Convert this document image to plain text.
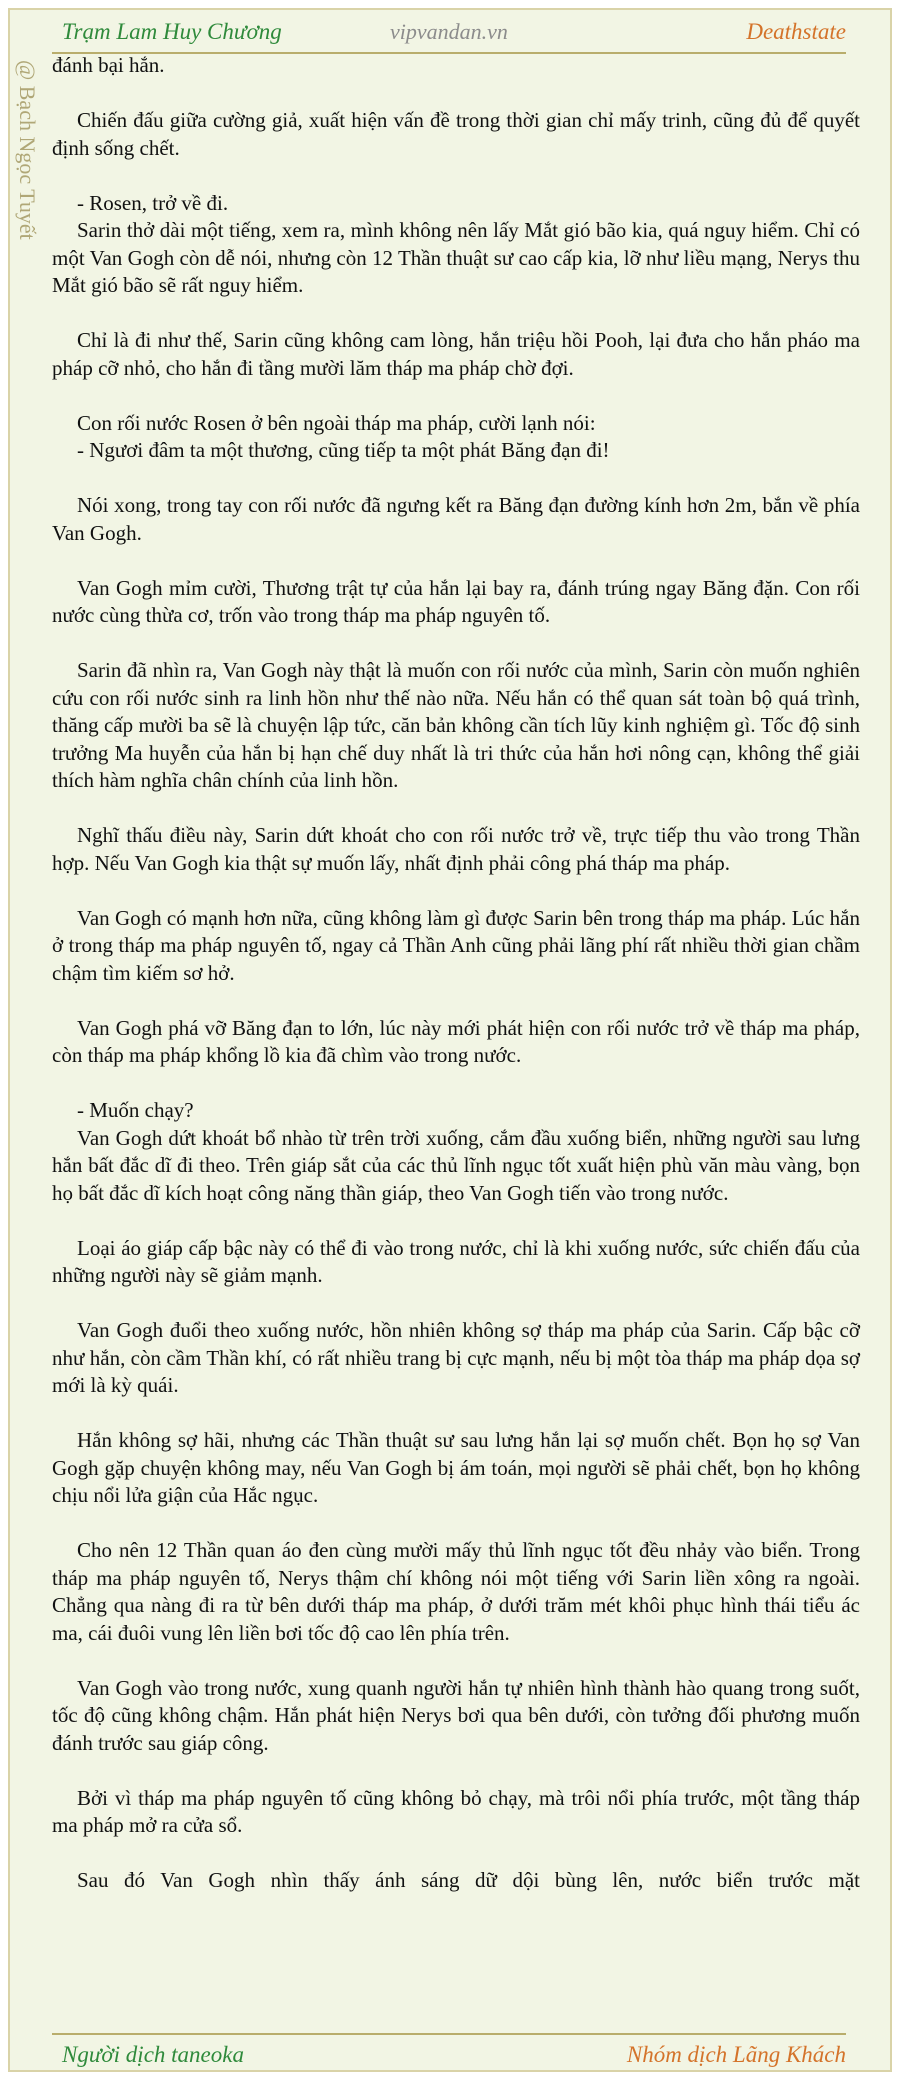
Trạm Lam Huy Chương	vipvandan.vn	Deathstate
@ Bạch Ngọc Tuyết đánh bại hắn.

Chiến đấu giữa cường giả, xuất hiện vấn đề trong thời gian chỉ mấy trinh, cũng đủ để quyết định sống chết.

- Rosen, trở về đi.

Sarin thở dài một tiếng, xem ra, mình không nên lấy Mắt gió bão kia, quá nguy hiểm. Chỉ có một Van Gogh còn dễ nói, nhưng còn 12 Thần thuật sư cao cấp kia, lỡ như liều mạng, Nerys thu Mắt gió bão sẽ rất nguy hiểm.

Chỉ là đi như thế, Sarin cũng không cam lòng, hắn triệu hồi Pooh, lại đưa cho hắn pháo ma pháp cỡ nhỏ, cho hắn đi tầng mười lăm tháp ma pháp chờ đợi.

Con rối nước Rosen ở bên ngoài tháp ma pháp, cười lạnh nói:

- Ngươi đâm ta một thương, cũng tiếp ta một phát Băng đạn đi!

Nói xong, trong tay con rối nước đã ngưng kết ra Băng đạn đường kính hơn 2m, bắn về phía Van Gogh.

Van Gogh mỉm cười, Thương trật tự của hắn lại bay ra, đánh trúng ngay Băng đặn. Con rối nước cùng thừa cơ, trốn vào trong tháp ma pháp nguyên tố.

Sarin đã nhìn ra, Van Gogh này thật là muốn con rối nước của mình, Sarin còn muốn nghiên cứu con rối nước sinh ra linh hồn như thế nào nữa. Nếu hắn có thể quan sát toàn bộ quá trình, thăng cấp mười ba sẽ là chuyện lập tức, căn bản không cần tích lũy kinh nghiệm gì. Tốc độ sinh trưởng Ma huyễn của hắn bị hạn chế duy nhất là tri thức của hắn hơi nông cạn, không thể giải thích hàm nghĩa chân chính của linh hồn.

Nghĩ thấu điều này, Sarin dứt khoát cho con rối nước trở về, trực tiếp thu vào trong Thần hợp. Nếu Van Gogh kia thật sự muốn lấy, nhất định phải công phá tháp ma pháp.

Van Gogh có mạnh hơn nữa, cũng không làm gì được Sarin bên trong tháp ma pháp. Lúc hắn ở trong tháp ma pháp nguyên tố, ngay cả Thần Anh cũng phải lãng phí rất nhiều thời gian chầm chậm tìm kiếm sơ hở.

Van Gogh phá vỡ Băng đạn to lớn, lúc này mới phát hiện con rối nước trở về tháp ma pháp, còn tháp ma pháp khổng lồ kia đã chìm vào trong nước.

- Muốn chạy?

Van Gogh dứt khoát bổ nhào từ trên trời xuống, cắm đầu xuống biển, những người sau lưng hắn bất đắc dĩ đi theo. Trên giáp sắt của các thủ lĩnh ngục tốt xuất hiện phù văn màu vàng, bọn họ bất đắc dĩ kích hoạt công năng thần giáp, theo Van Gogh tiến vào trong nước.

Loại áo giáp cấp bậc này có thể đi vào trong nước, chỉ là khi xuống nước, sức chiến đấu của những người này sẽ giảm mạnh.

Van Gogh đuổi theo xuống nước, hồn nhiên không sợ tháp ma pháp của Sarin. Cấp bậc cỡ như hắn, còn cầm Thần khí, có rất nhiều trang bị cực mạnh, nếu bị một tòa tháp ma pháp dọa sợ mới là kỳ quái.

Hắn không sợ hãi, nhưng các Thần thuật sư sau lưng hắn lại sợ muốn chết. Bọn họ sợ Van Gogh gặp chuyện không may, nếu Van Gogh bị ám toán, mọi người sẽ phải chết, bọn họ không chịu nổi lửa giận của Hắc ngục.

Cho nên 12 Thần quan áo đen cùng mười mấy thủ lĩnh ngục tốt đều nhảy vào biển. Trong tháp ma pháp nguyên tố, Nerys thậm chí không nói một tiếng với Sarin liền xông ra ngoài. Chẳng qua nàng đi ra từ bên dưới tháp ma pháp, ở dưới trăm mét khôi phục hình thái tiểu ác ma, cái đuôi vung lên liền bơi tốc độ cao lên phía trên.

Van Gogh vào trong nước, xung quanh người hắn tự nhiên hình thành hào quang trong suốt, tốc độ cũng không chậm. Hắn phát hiện Nerys bơi qua bên dưới, còn tưởng đối phương muốn đánh trước sau giáp công.

Bởi vì tháp ma pháp nguyên tố cũng không bỏ chạy, mà trôi nổi phía trước, một tầng tháp ma pháp mở ra cửa sổ.

Sau đó Van Gogh nhìn thấy ánh sáng dữ dội bùng lên, nước biển trước mặt

Người dịch taneoka	Nhóm dịch Lãng Khách
